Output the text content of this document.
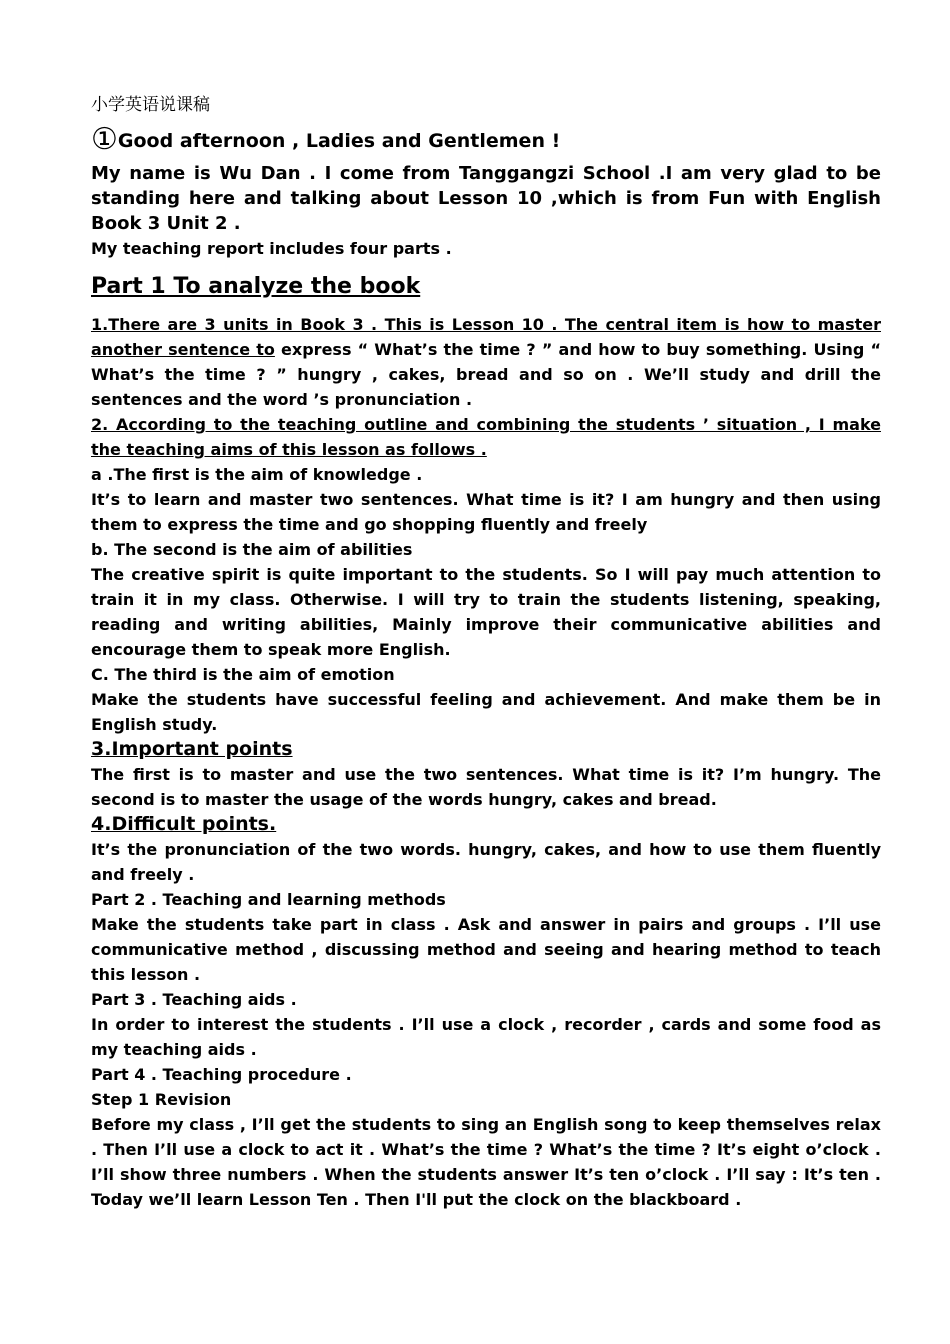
小学英语说课稿

①Good afternoon , Ladies and Gentlemen !

My name is Wu Dan . I come from Tanggangzi School .I am very glad to be standing here and talking about Lesson 10 ,which is from Fun with English Book 3 Unit 2 .

My teaching report includes four parts .

Part 1 To analyze the book

1.There are 3 units in Book 3 . This is Lesson 10 . The central item is how to master another sentence to express “ What’s the time ? ” and how to buy something. Using “ What’s the time ? ” hungry , cakes, bread and so on . We’ll study and drill the sentences and the word ’s pronunciation .

2. According to the teaching outline and combining the students ’ situation , I make the teaching aims of this lesson as follows .

a .The first is the aim of knowledge .

It’s to learn and master two sentences. What time is it? I am hungry and then using them to express the time and go shopping fluently and freely

b. The second is the aim of abilities

The creative spirit is quite important to the students. So I will pay much attention to train it in my class. Otherwise. I will try to train the students listening, speaking, reading and writing abilities, Mainly improve their communicative abilities and encourage them to speak more English.

C. The third is the aim of emotion

Make the students have successful feeling and achievement. And make them be in English study.

3.Important points

The first is to master and use the two sentences. What time is it? I’m hungry. The second is to master the usage of the words hungry, cakes and bread.

4.Difficult points.

It’s the pronunciation of the two words. hungry, cakes, and how to use them fluently and freely .

Part 2 . Teaching and learning methods

Make the students take part in class . Ask and answer in pairs and groups . I’ll use communicative method , discussing method and seeing and hearing method to teach this lesson .

Part 3 . Teaching aids .

In order to interest the students . I’ll use a clock , recorder , cards and some food as my teaching aids .

Part 4 . Teaching procedure .

Step 1 Revision

Before my class , I’ll get the students to sing an English song to keep themselves relax . Then I’ll use a clock to act it . What’s the time ? What’s the time ? It’s eight o’clock . I’ll show three numbers . When the students answer It’s ten o’clock . I’ll say : It’s ten . Today we’ll learn Lesson Ten . Then I'll put the clock on the blackboard .
